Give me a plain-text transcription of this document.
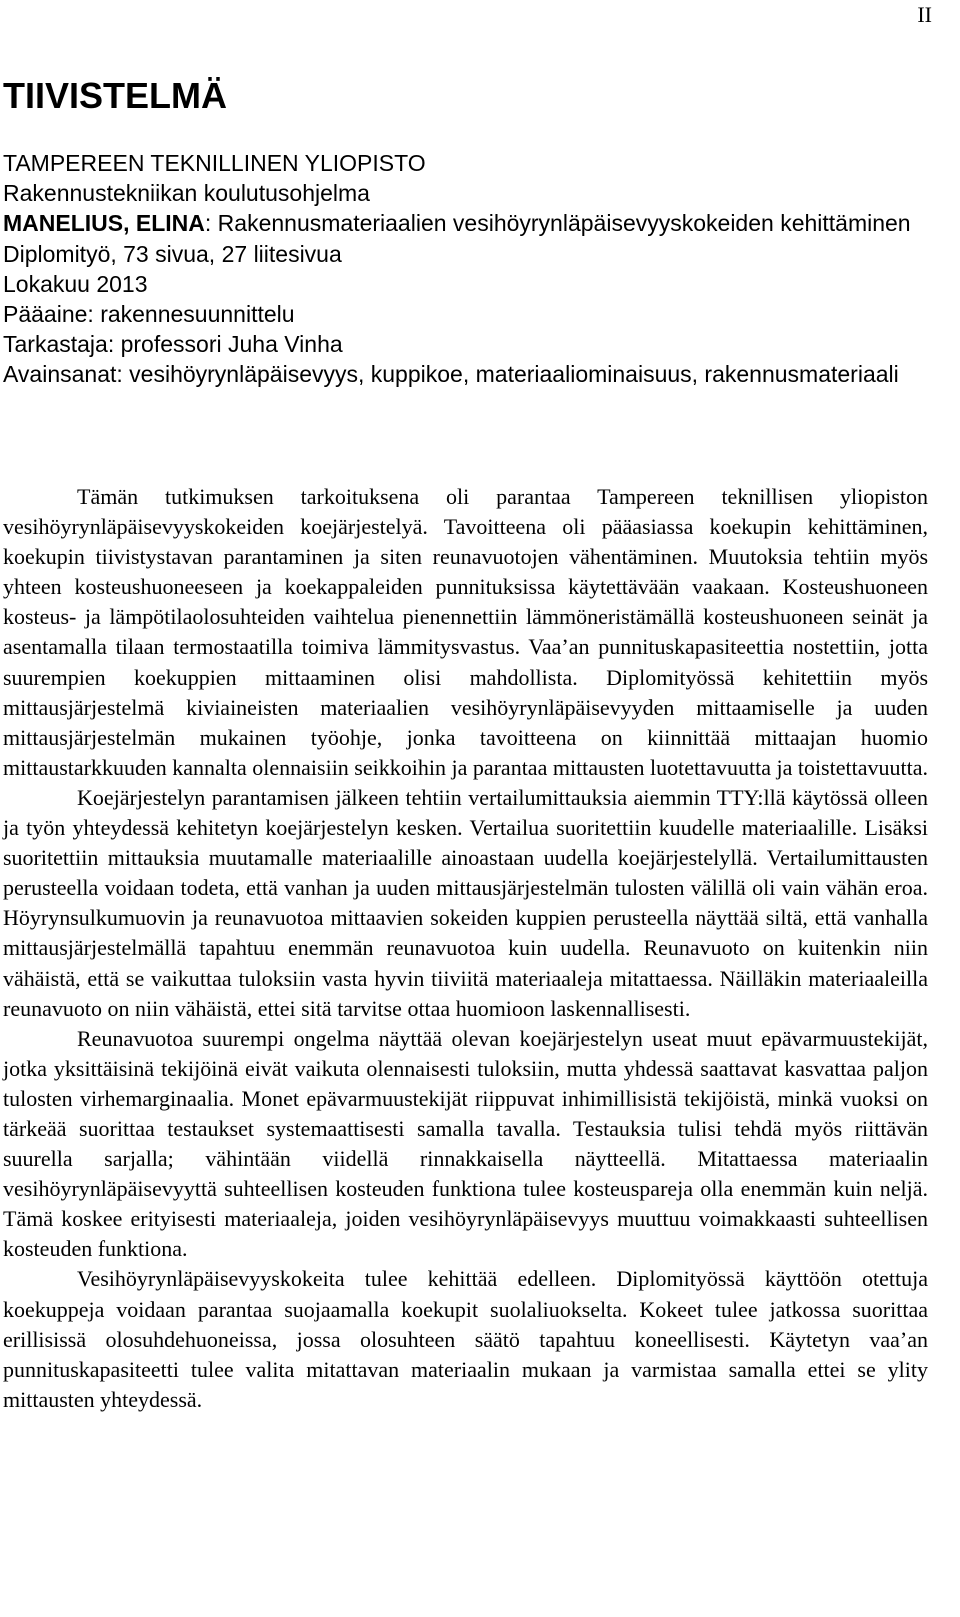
II
TIIVISTELMÄ
TAMPEREEN TEKNILLINEN YLIOPISTO
Rakennustekniikan koulutusohjelma
MANELIUS, ELINA: Rakennusmateriaalien vesihöyrynläpäisevyyskokeiden kehittäminen
Diplomityö, 73 sivua, 27 liitesivua
Lokakuu 2013
Pääaine: rakennesuunnittelu
Tarkastaja: professori Juha Vinha
Avainsanat: vesihöyrynläpäisevyys, kuppikoe, materiaaliominaisuus, rakennusmateriaali

Tämän tutkimuksen tarkoituksena oli parantaa Tampereen teknillisen yliopiston vesihöyrynläpäisevyyskokeiden koejärjestelyä. Tavoitteena oli pääasiassa koekupin kehittäminen, koekupin tiivistystavan parantaminen ja siten reunavuotojen vähentäminen. Muutoksia tehtiin myös yhteen kosteushuoneeseen ja koekappaleiden punnituksissa käytettävään vaakaan. Kosteushuoneen kosteus- ja lämpötilaolosuhteiden vaihtelua pienennettiin lämmöneristämällä kosteushuoneen seinät ja asentamalla tilaan termostaatilla toimiva lämmitysvastus. Vaa’an punnituskapasiteettia nostettiin, jotta suurempien koekuppien mittaaminen olisi mahdollista. Diplomityössä kehitettiin myös mittausjärjestelmä kiviaineisten materiaalien vesihöyrynläpäisevyyden mittaamiselle ja uuden mittausjärjestelmän mukainen työohje, jonka tavoitteena on kiinnittää mittaajan huomio mittaustarkkuuden kannalta olennaisiin seikkoihin ja parantaa mittausten luotettavuutta ja toistettavuutta.

Koejärjestelyn parantamisen jälkeen tehtiin vertailumittauksia aiemmin TTY:llä käytössä olleen ja työn yhteydessä kehitetyn koejärjestelyn kesken. Vertailua suoritettiin kuudelle materiaalille. Lisäksi suoritettiin mittauksia muutamalle materiaalille ainoastaan uudella koejärjestelyllä. Vertailumittausten perusteella voidaan todeta, että vanhan ja uuden mittausjärjestelmän tulosten välillä oli vain vähän eroa. Höyrynsulkumuovin ja reunavuotoa mittaavien sokeiden kuppien perusteella näyttää siltä, että vanhalla mittausjärjestelmällä tapahtuu enemmän reunavuotoa kuin uudella. Reunavuoto on kuitenkin niin vähäistä, että se vaikuttaa tuloksiin vasta hyvin tiiviitä materiaaleja mitattaessa. Näilläkin materiaaleilla reunavuoto on niin vähäistä, ettei sitä tarvitse ottaa huomioon laskennallisesti.

Reunavuotoa suurempi ongelma näyttää olevan koejärjestelyn useat muut epävarmuustekijät, jotka yksittäisinä tekijöinä eivät vaikuta olennaisesti tuloksiin, mutta yhdessä saattavat kasvattaa paljon tulosten virhemarginaalia. Monet epävarmuustekijät riippuvat inhimillisistä tekijöistä, minkä vuoksi on tärkeää suorittaa testaukset systemaattisesti samalla tavalla. Testauksia tulisi tehdä myös riittävän suurella sarjalla; vähintään viidellä rinnakkaisella näytteellä. Mitattaessa materiaalin vesihöyrynläpäisevyyttä suhteellisen kosteuden funktiona tulee kosteuspareja olla enemmän kuin neljä. Tämä koskee erityisesti materiaaleja, joiden vesihöyrynläpäisevyys muuttuu voimakkaasti suhteellisen kosteuden funktiona.

Vesihöyrynläpäisevyyskokeita tulee kehittää edelleen. Diplomityössä käyttöön otettuja koekuppeja voidaan parantaa suojaamalla koekupit suolaliuokselta. Kokeet tulee jatkossa suorittaa erillisissä olosuhdehuoneissa, jossa olosuhteen säätö tapahtuu koneellisesti. Käytetyn vaa’an punnituskapasiteetti tulee valita mitattavan materiaalin mukaan ja varmistaa samalla ettei se ylity mittausten yhteydessä.
